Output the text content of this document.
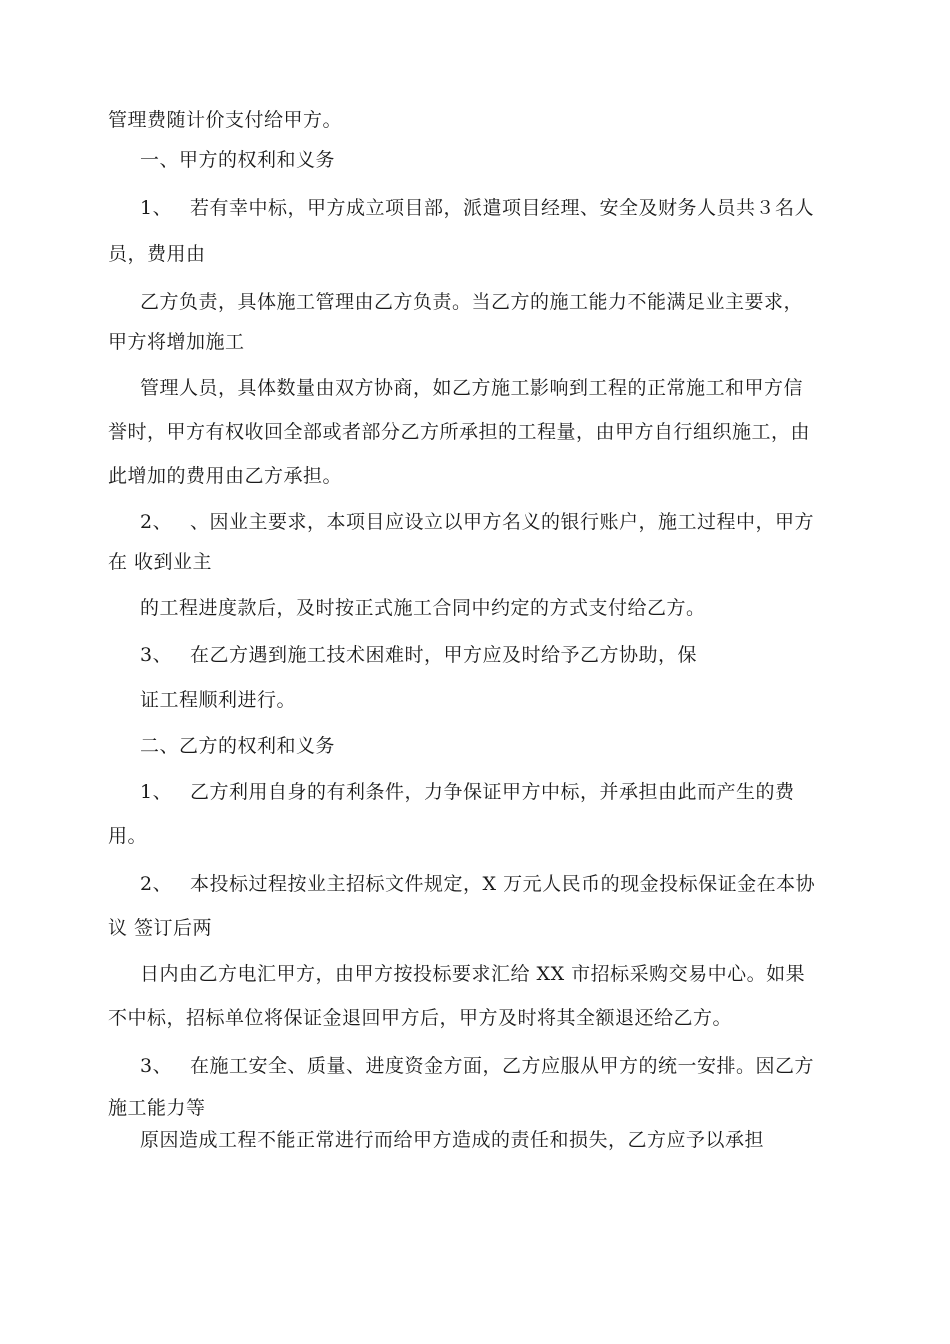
管理费随计价支付给甲方。
一、甲方的权利和义务
1、 若有幸中标，甲方成立项目部，派遣项目经理、安全及财务人员共３名人
员，费用由
乙方负责，具体施工管理由乙方负责。当乙方的施工能力不能满足业主要求，
甲方将增加施工
管理人员，具体数量由双方协商，如乙方施工影响到工程的正常施工和甲方信
誉时，甲方有权收回全部或者部分乙方所承担的工程量，由甲方自行组织施工，由
此增加的费用由乙方承担。
2、 、因业主要求，本项目应设立以甲方名义的银行账户，施工过程中，甲方
在 收到业主
的工程进度款后，及时按正式施工合同中约定的方式支付给乙方。
3、 在乙方遇到施工技术困难时，甲方应及时给予乙方协助，保
证工程顺利进行。
二、乙方的权利和义务
1、 乙方利用自身的有利条件，力争保证甲方中标，并承担由此而产生的费
用。
2、 本投标过程按业主招标文件规定，X 万元人民币的现金投标保证金在本协
议 签订后两
日内由乙方电汇甲方，由甲方按投标要求汇给 XX 市招标采购交易中心。如果
不中标，招标单位将保证金退回甲方后，甲方及时将其全额退还给乙方。
3、 在施工安全、质量、进度资金方面，乙方应服从甲方的统一安排。因乙方
施工能力等
原因造成工程不能正常进行而给甲方造成的责任和损失，乙方应予以承担
